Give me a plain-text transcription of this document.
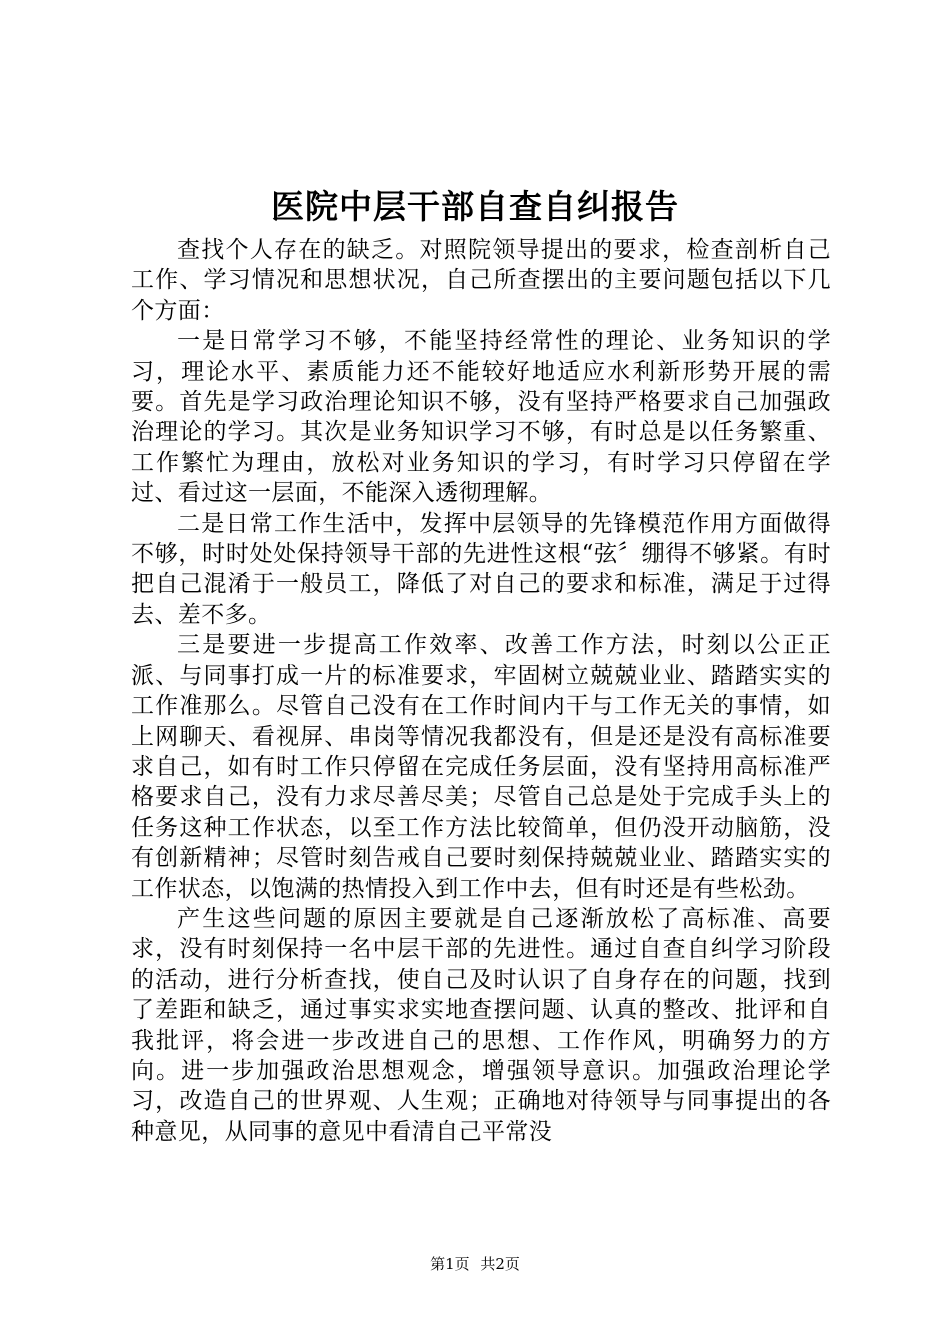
医院中层干部自查自纠报告

查找个人存在的缺乏。对照院领导提出的要求，检查剖析自己工作、学习情况和思想状况，自己所查摆出的主要问题包括以下几个方面：

一是日常学习不够，不能坚持经常性的理论、业务知识的学习，理论水平、素质能力还不能较好地适应水利新形势开展的需要。首先是学习政治理论知识不够，没有坚持严格要求自己加强政治理论的学习。其次是业务知识学习不够，有时总是以任务繁重、工作繁忙为理由，放松对业务知识的学习，有时学习只停留在学过、看过这一层面，不能深入透彻理解。

二是日常工作生活中，发挥中层领导的先锋模范作用方面做得不够，时时处处保持领导干部的先进性这根“弦〞绷得不够紧。有时把自己混淆于一般员工，降低了对自己的要求和标准，满足于过得去、差不多。

三是要进一步提高工作效率、改善工作方法，时刻以公正正派、与同事打成一片的标准要求，牢固树立兢兢业业、踏踏实实的工作准那么。尽管自己没有在工作时间内干与工作无关的事情，如上网聊天、看视屏、串岗等情况我都没有，但是还是没有高标准要求自己，如有时工作只停留在完成任务层面，没有坚持用高标准严格要求自己，没有力求尽善尽美；尽管自己总是处于完成手头上的任务这种工作状态，以至工作方法比较简单，但仍没开动脑筋，没有创新精神；尽管时刻告戒自己要时刻保持兢兢业业、踏踏实实的工作状态，以饱满的热情投入到工作中去，但有时还是有些松劲。

产生这些问题的原因主要就是自己逐渐放松了高标准、高要求，没有时刻保持一名中层干部的先进性。通过自查自纠学习阶段的活动，进行分析查找，使自己及时认识了自身存在的问题，找到了差距和缺乏，通过事实求实地查摆问题、认真的整改、批评和自我批评，将会进一步改进自己的思想、工作作风，明确努力的方向。进一步加强政治思想观念，增强领导意识。加强政治理论学习，改造自己的世界观、人生观；正确地对待领导与同事提出的各种意见，从同事的意见中看清自己平常没

第1页 共2页
